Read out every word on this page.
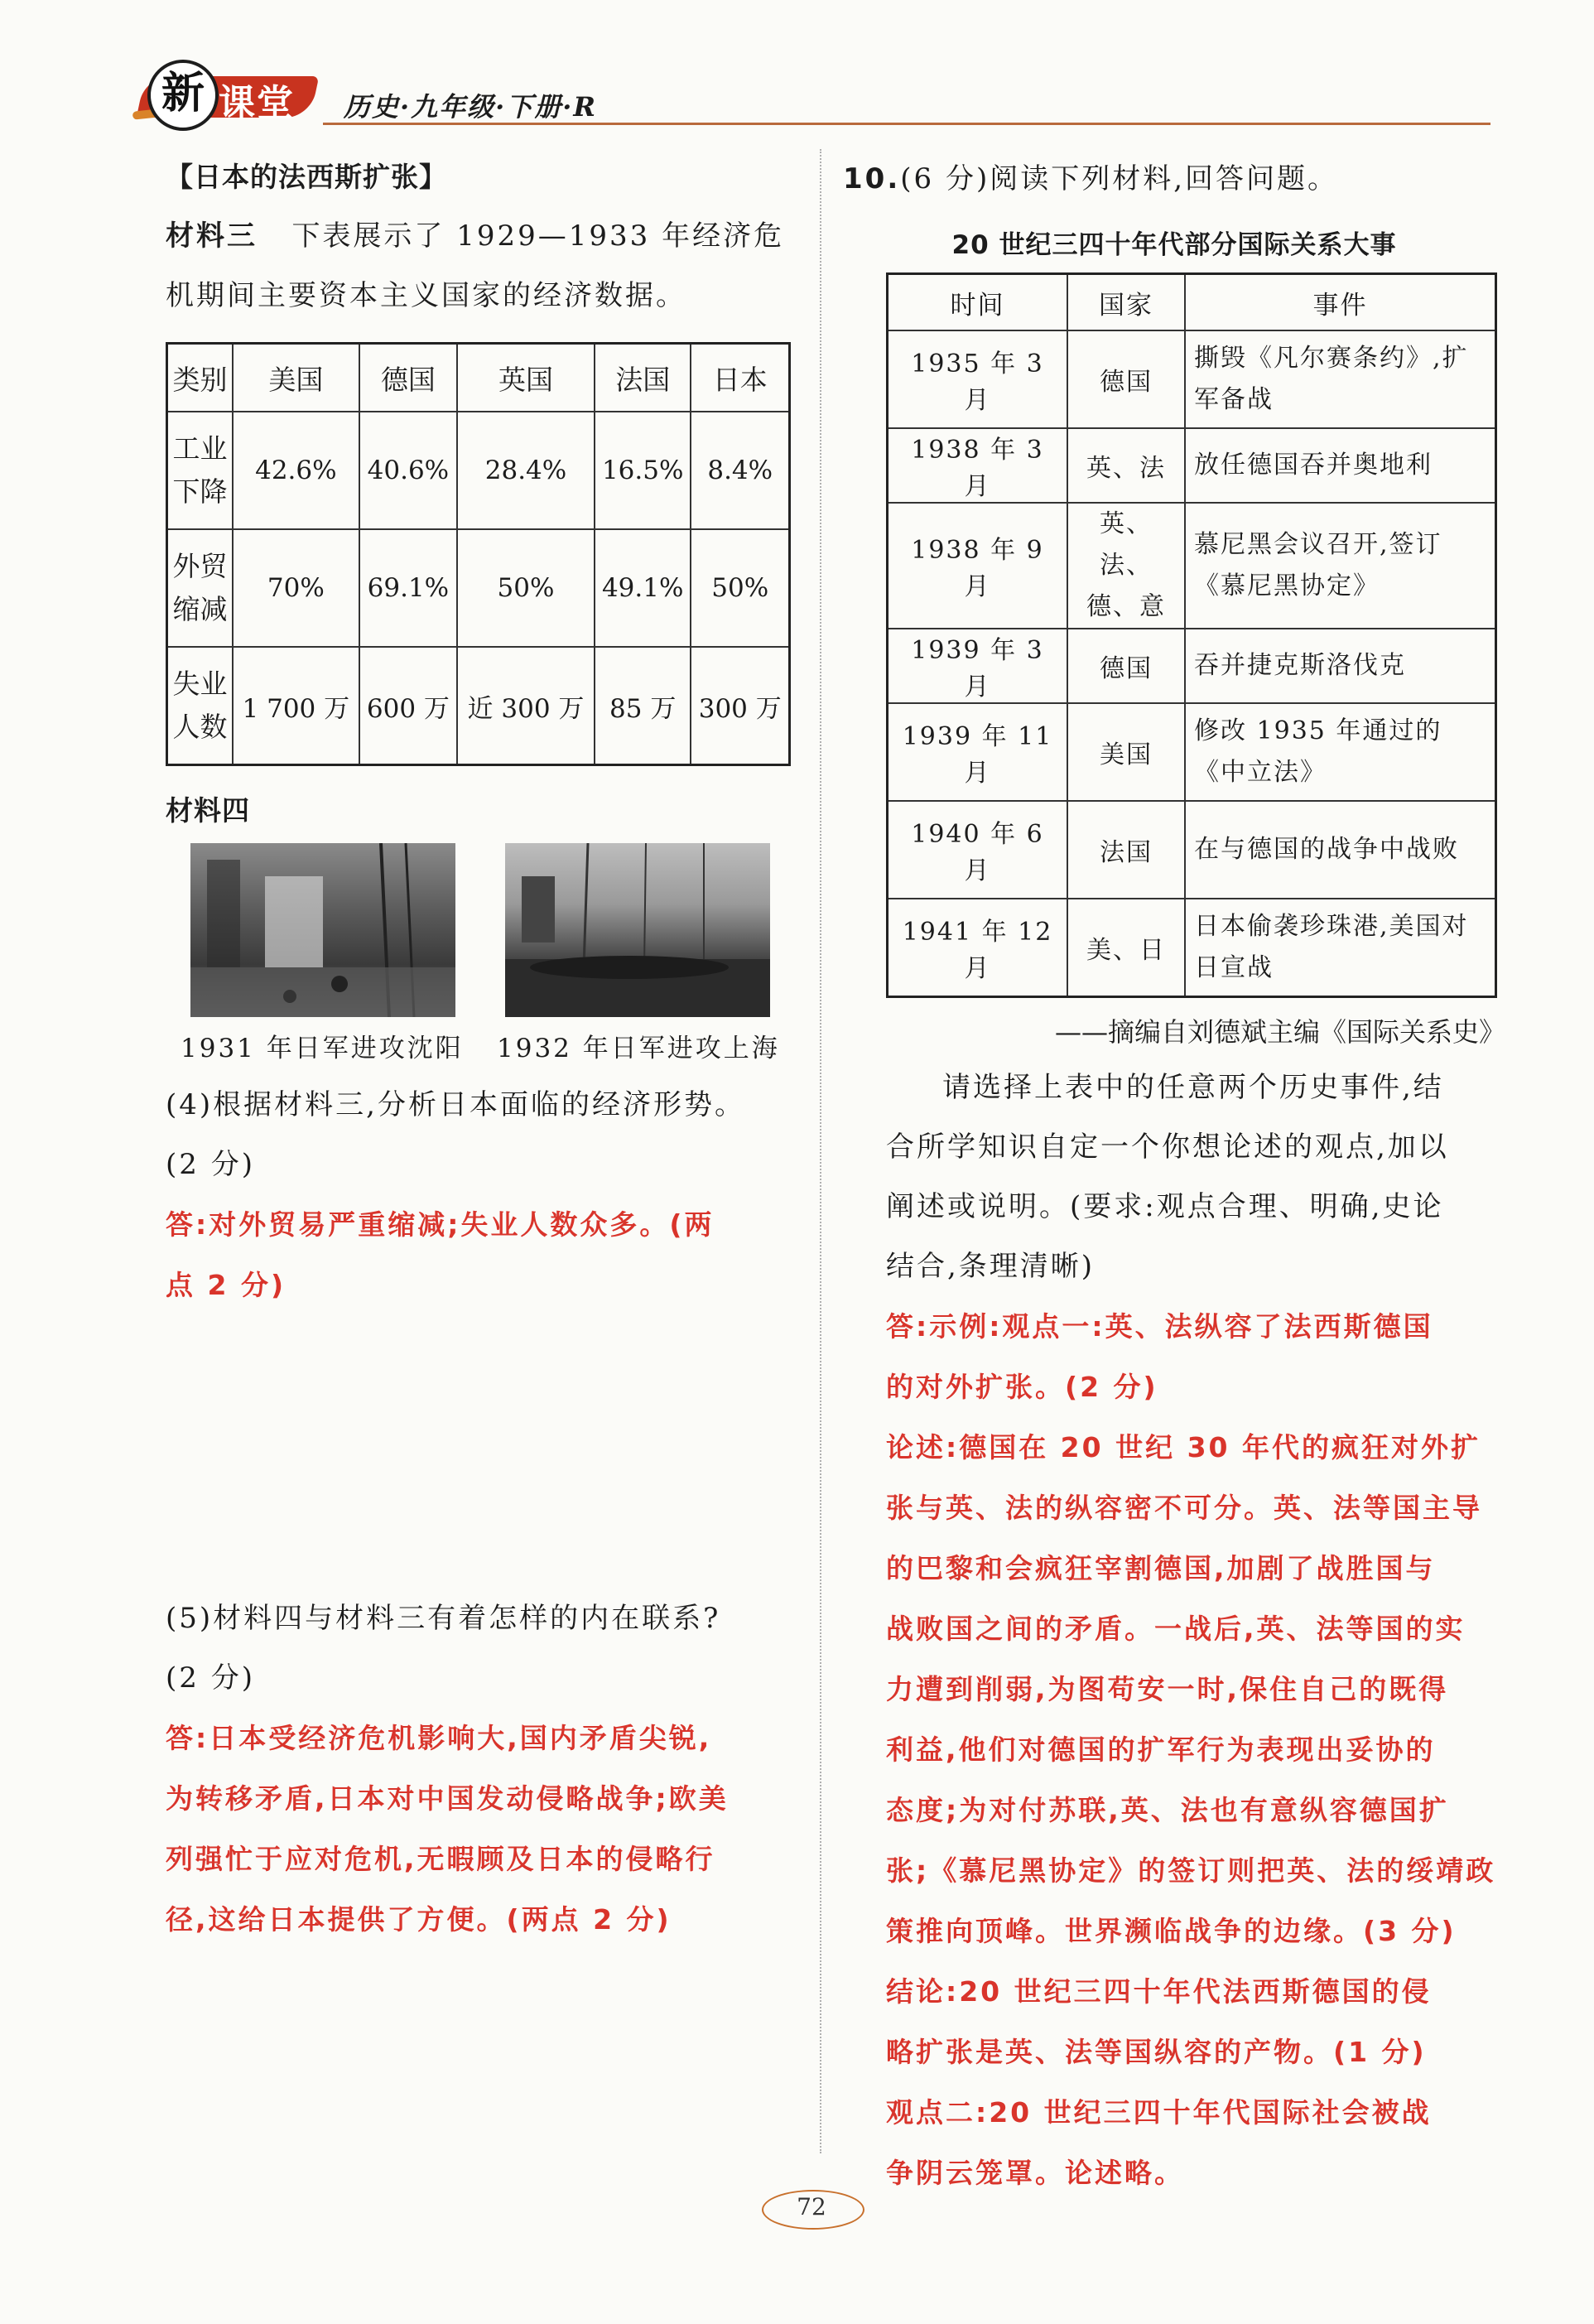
新 课堂 历史·九年级·下册·R
【日本的法西斯扩张】
材料三 下表展示了 1929—1933 年经济危
机期间主要资本主义国家的经济数据。
类别	美国	德国	英国	法国	日本

工业
下降	42.6%	40.6%	28.4%	16.5%	8.4%

外贸
缩减	70%	69.1%	50%	49.1%	50%

失业
人数	1 700 万	600 万	近 300 万	85 万	300 万
材料四
1931 年日军进攻沈阳 1932 年日军进攻上海
(4)根据材料三,分析日本面临的经济形势。
(2 分)
答:对外贸易严重缩减;失业人数众多。(两
点 2 分)
(5)材料四与材料三有着怎样的内在联系?
(2 分)
答:日本受经济危机影响大,国内矛盾尖锐,
为转移矛盾,日本对中国发动侵略战争;欧美
列强忙于应对危机,无暇顾及日本的侵略行
径,这给日本提供了方便。(两点 2 分)
10.(6 分)阅读下列材料,回答问题。
20 世纪三四十年代部分国际关系大事
时间	国家	事件
1935 年 3 月	德国	撕毁《凡尔赛条约》,扩军备战
1938 年 3 月	英、法	放任德国吞并奥地利
1938 年 9 月	英、法、德、意	慕尼黑会议召开,签订《慕尼黑协定》
1939 年 3 月	德国	吞并捷克斯洛伐克
1939 年 11 月	美国	修改 1935 年通过的《中立法》
1940 年 6 月	法国	在与德国的战争中战败
1941 年 12 月	美、日	日本偷袭珍珠港,美国对日宣战
——摘编自刘德斌主编《国际关系史》
请选择上表中的任意两个历史事件,结
合所学知识自定一个你想论述的观点,加以
阐述或说明。(要求:观点合理、明确,史论
结合,条理清晰)
答:示例:观点一:英、法纵容了法西斯德国
的对外扩张。(2 分)
论述:德国在 20 世纪 30 年代的疯狂对外扩
张与英、法的纵容密不可分。英、法等国主导
的巴黎和会疯狂宰割德国,加剧了战胜国与
战败国之间的矛盾。一战后,英、法等国的实
力遭到削弱,为图苟安一时,保住自己的既得
利益,他们对德国的扩军行为表现出妥协的
态度;为对付苏联,英、法也有意纵容德国扩
张;《慕尼黑协定》的签订则把英、法的绥靖政
策推向顶峰。世界濒临战争的边缘。(3 分)
结论:20 世纪三四十年代法西斯德国的侵
略扩张是英、法等国纵容的产物。(1 分)
观点二:20 世纪三四十年代国际社会被战
争阴云笼罩。论述略。
72
